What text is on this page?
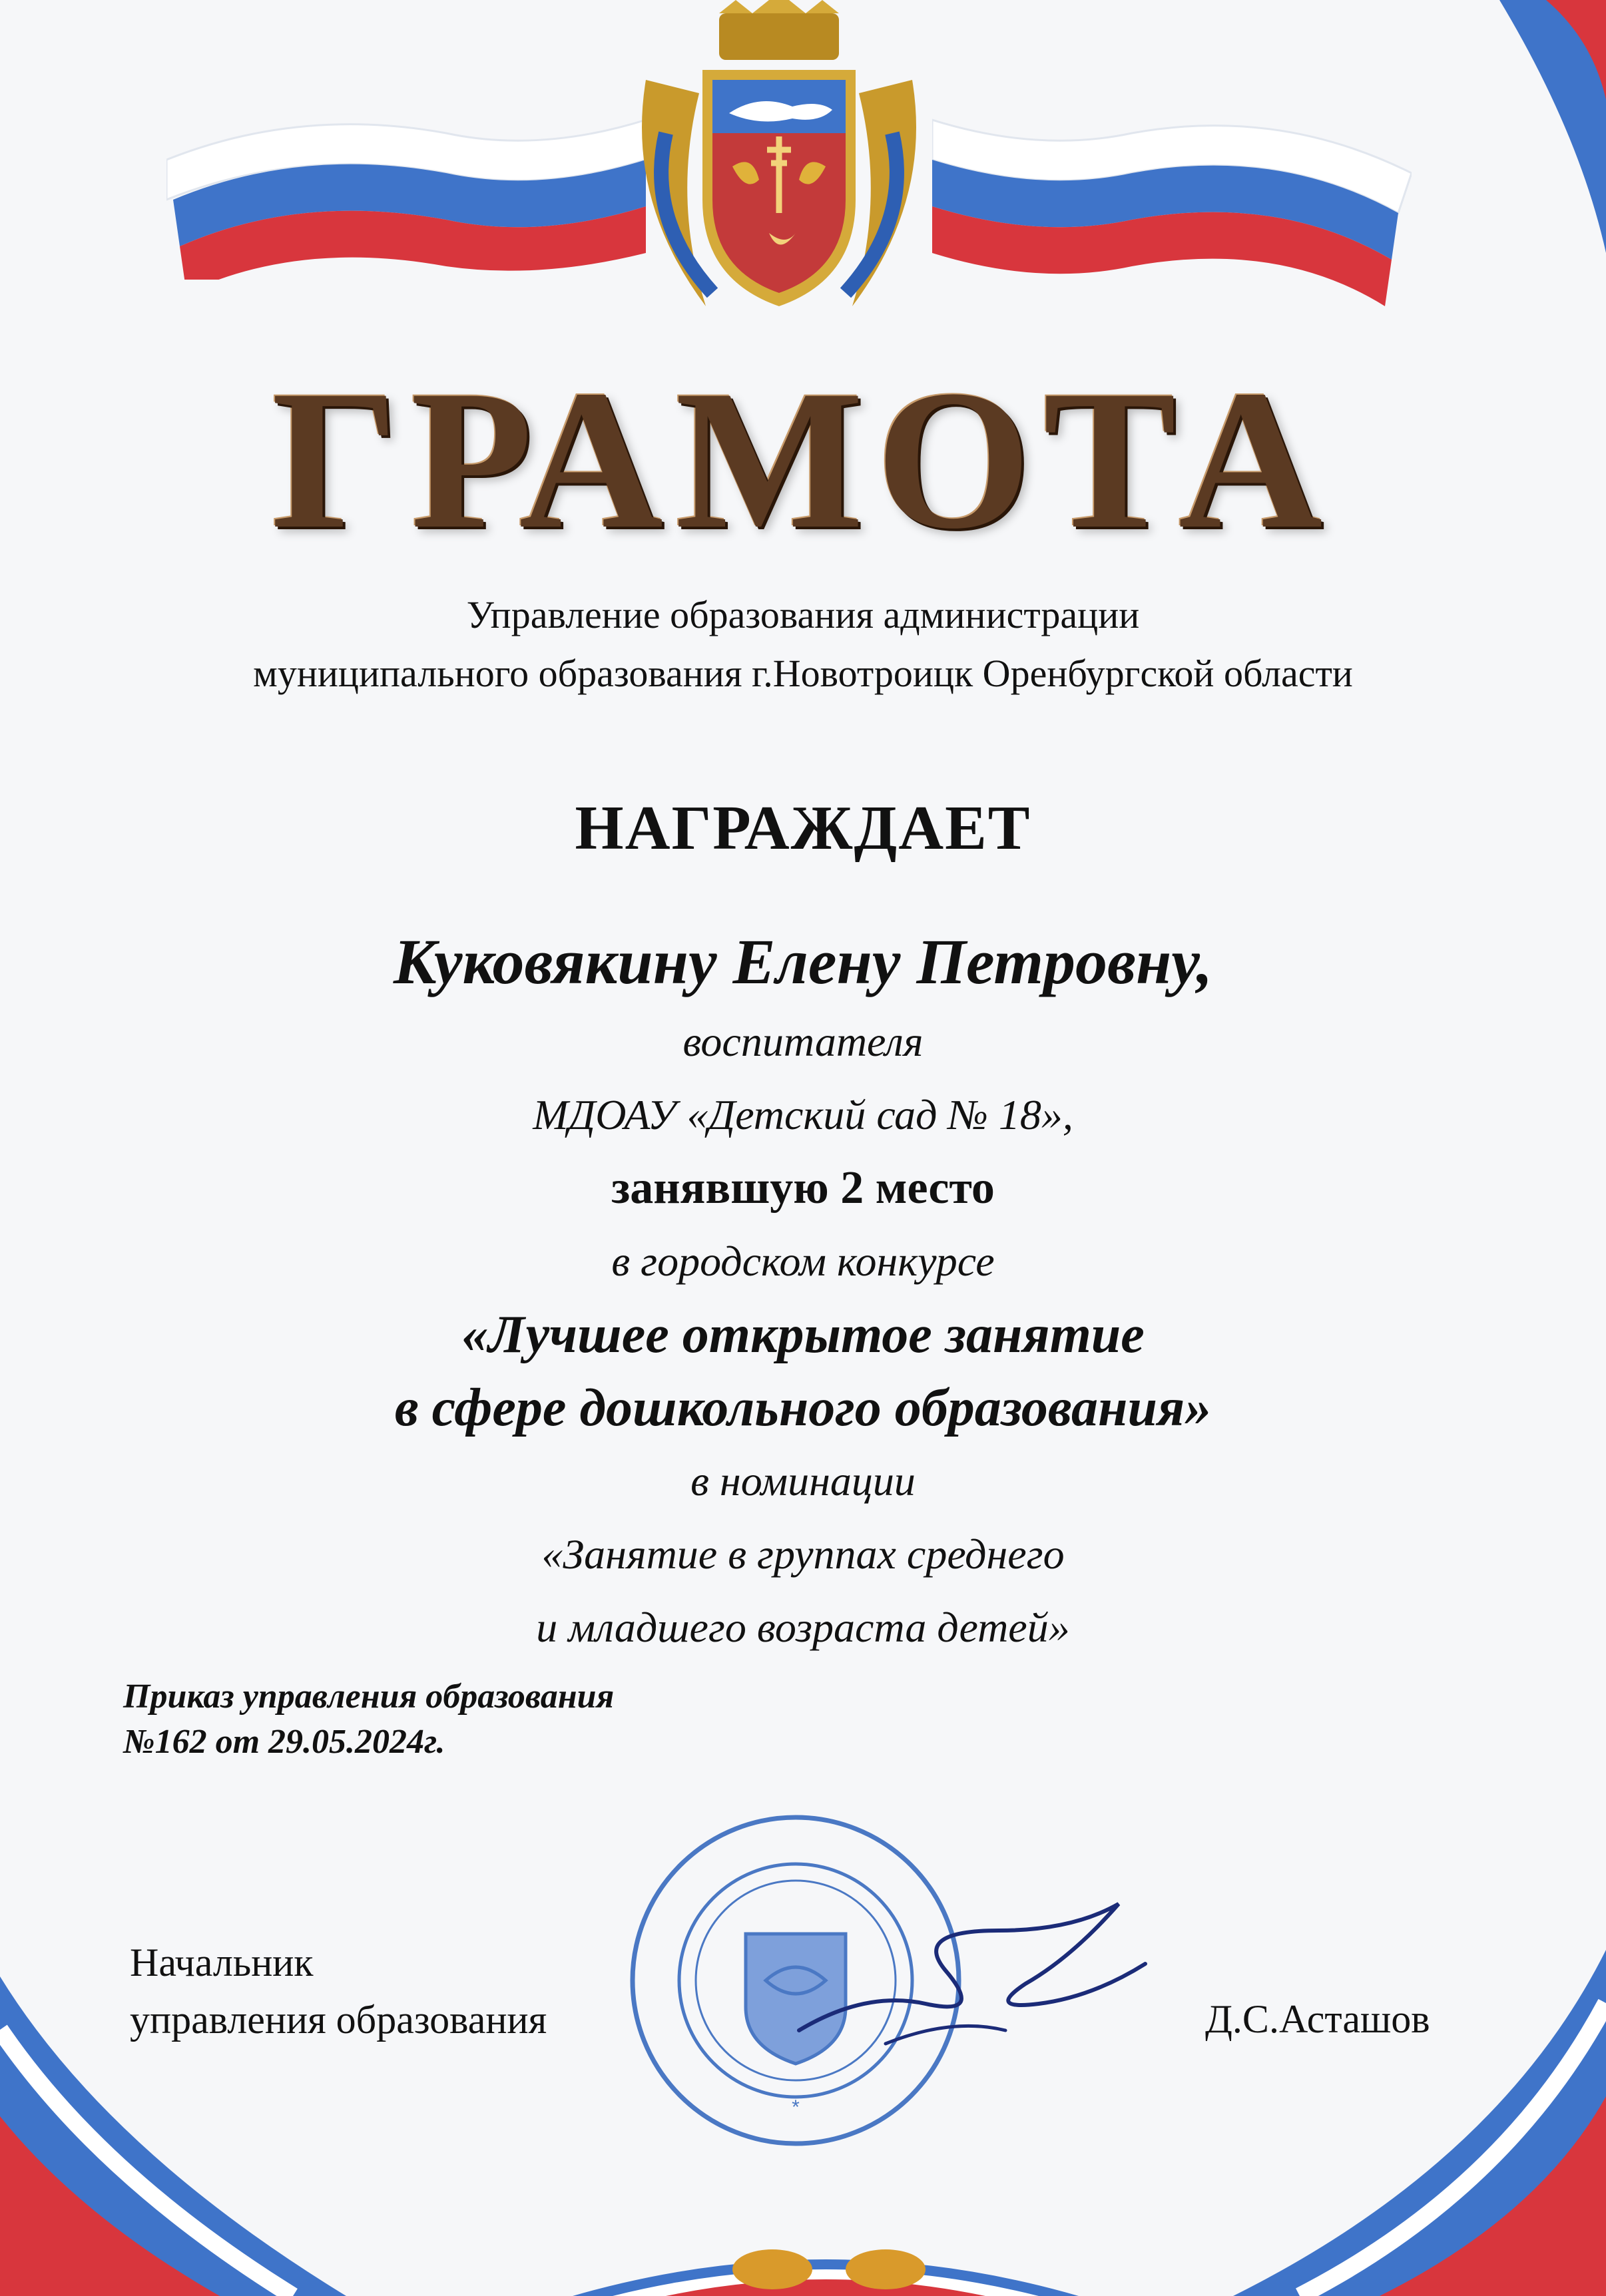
ГРАМОТА
Управление образования администрации
муниципального образования г.Новотроицк Оренбургской области
НАГРАЖДАЕТ
Куковякину Елену Петровну,
воспитателя
МДОАУ «Детский сад № 18»,
занявшую 2 место
в городском конкурсе
«Лучшее открытое занятие
в сфере дошкольного образования»
в номинации
«Занятие в группах среднего
и младшего возраста детей»
Приказ управления образования
№162 от 29.05.2024г.
*
Начальник
управления образования	Д.С.Асташов
